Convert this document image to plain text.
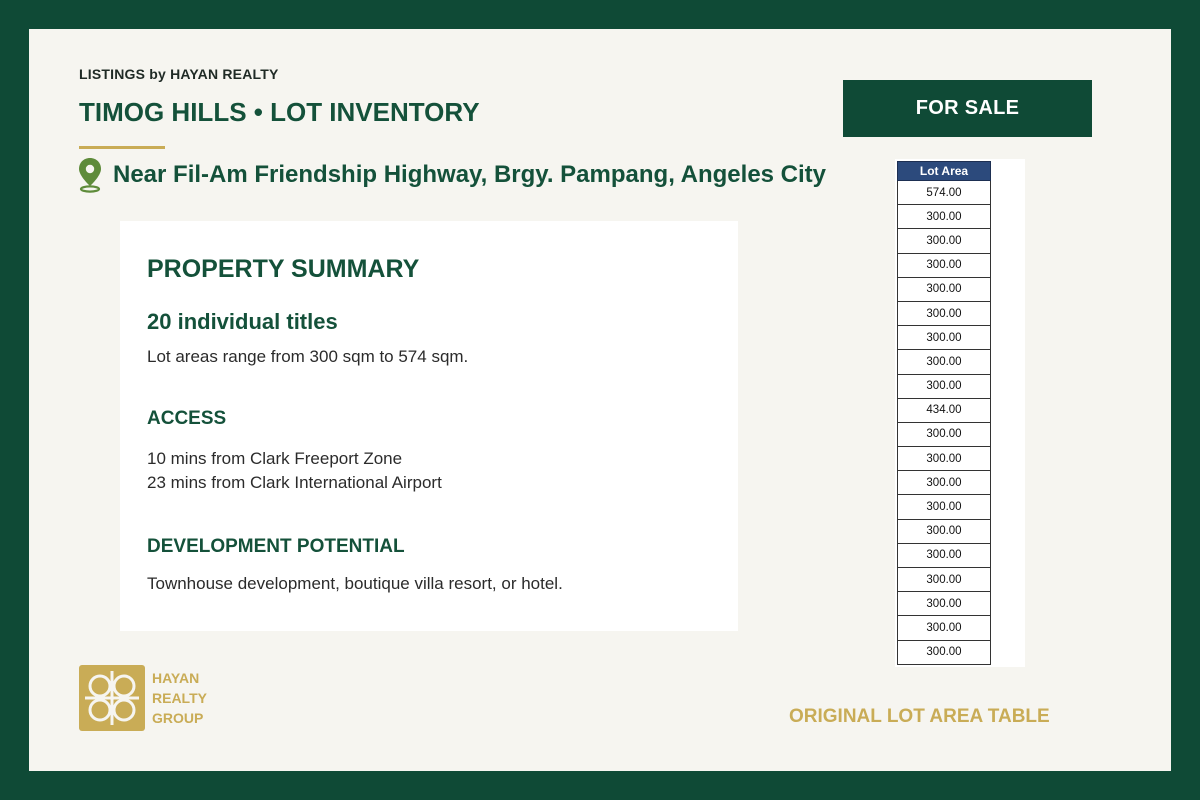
LISTINGS by HAYAN REALTY
TIMOG HILLS • LOT INVENTORY
Near Fil-Am Friendship Highway, Brgy. Pampang, Angeles City
FOR SALE
PROPERTY SUMMARY
20 individual titles
Lot areas range from 300 sqm to 574 sqm.
ACCESS
10 mins from Clark Freeport Zone
23 mins from Clark International Airport
DEVELOPMENT POTENTIAL
Townhouse development, boutique villa resort, or hotel.
Lot Area
574.00
300.00
300.00
300.00
300.00
300.00
300.00
300.00
300.00
434.00
300.00
300.00
300.00
300.00
300.00
300.00
300.00
300.00
300.00
300.00
HAYAN
REALTY
GROUP	ORIGINAL LOT AREA TABLE
